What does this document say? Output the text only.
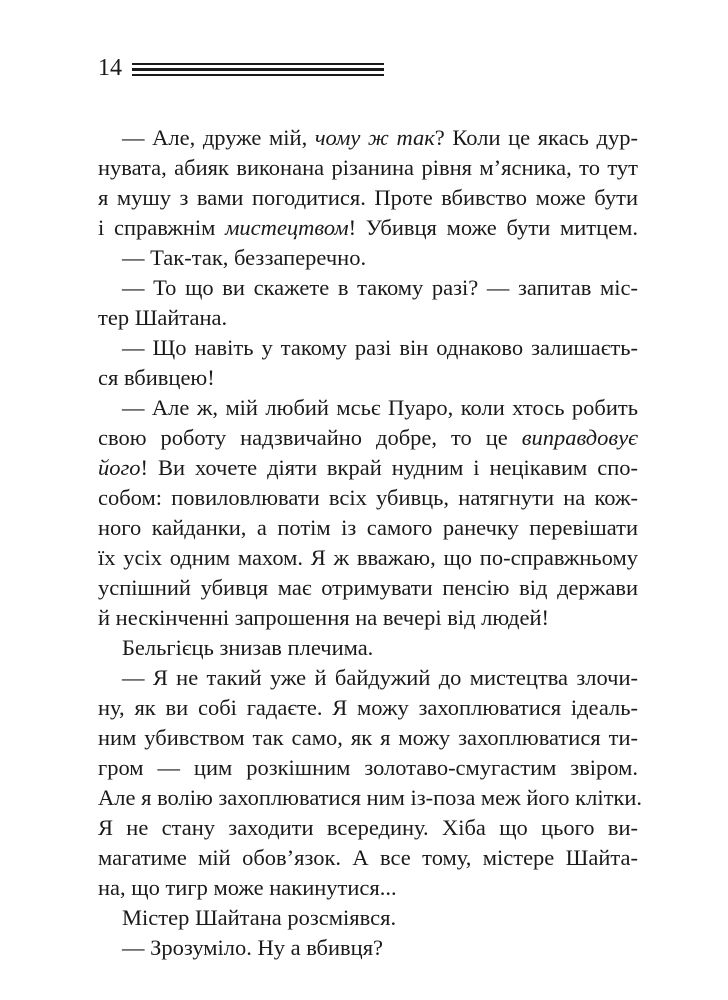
14
— Але, друже мій, чому ж так? Коли це якась дур-
нувата, абияк виконана різанина рівня м’ясника, то тут
я мушу з вами погодитися. Проте вбивство може бути
і справжнім мистецтвом! Убивця може бути митцем.
— Так-так, беззаперечно.
— То що ви скажете в такому разі? — запитав міс-
тер Шайтана.
— Що навіть у такому разі він однаково залишаєть-
ся вбивцею!
— Але ж, мій любий мсьє Пуаро, коли хтось робить
свою роботу надзвичайно добре, то це виправдовує
його! Ви хочете діяти вкрай нудним і нецікавим спо-
собом: повиловлювати всіх убивць, натягнути на кож-
ного кайданки, а потім із самого ранечку перевішати
їх усіх одним махом. Я ж вважаю, що по-справжньому
успішний убивця має отримувати пенсію від держави
й нескінченні запрошення на вечері від людей!
Бельгієць знизав плечима.
— Я не такий уже й байдужий до мистецтва злочи-
ну, як ви собі гадаєте. Я можу захоплюватися ідеаль-
ним убивством так само, як я можу захоплюватися ти-
гром — цим розкішним золотаво-смугастим звіром.
Але я волію захоплюватися ним із-поза меж його клітки.
Я не стану заходити всередину. Хіба що цього ви-
магатиме мій обов’язок. А все тому, містере Шайта-
на, що тигр може накинутися...
Містер Шайтана розсміявся.
— Зрозуміло. Ну а вбивця?
